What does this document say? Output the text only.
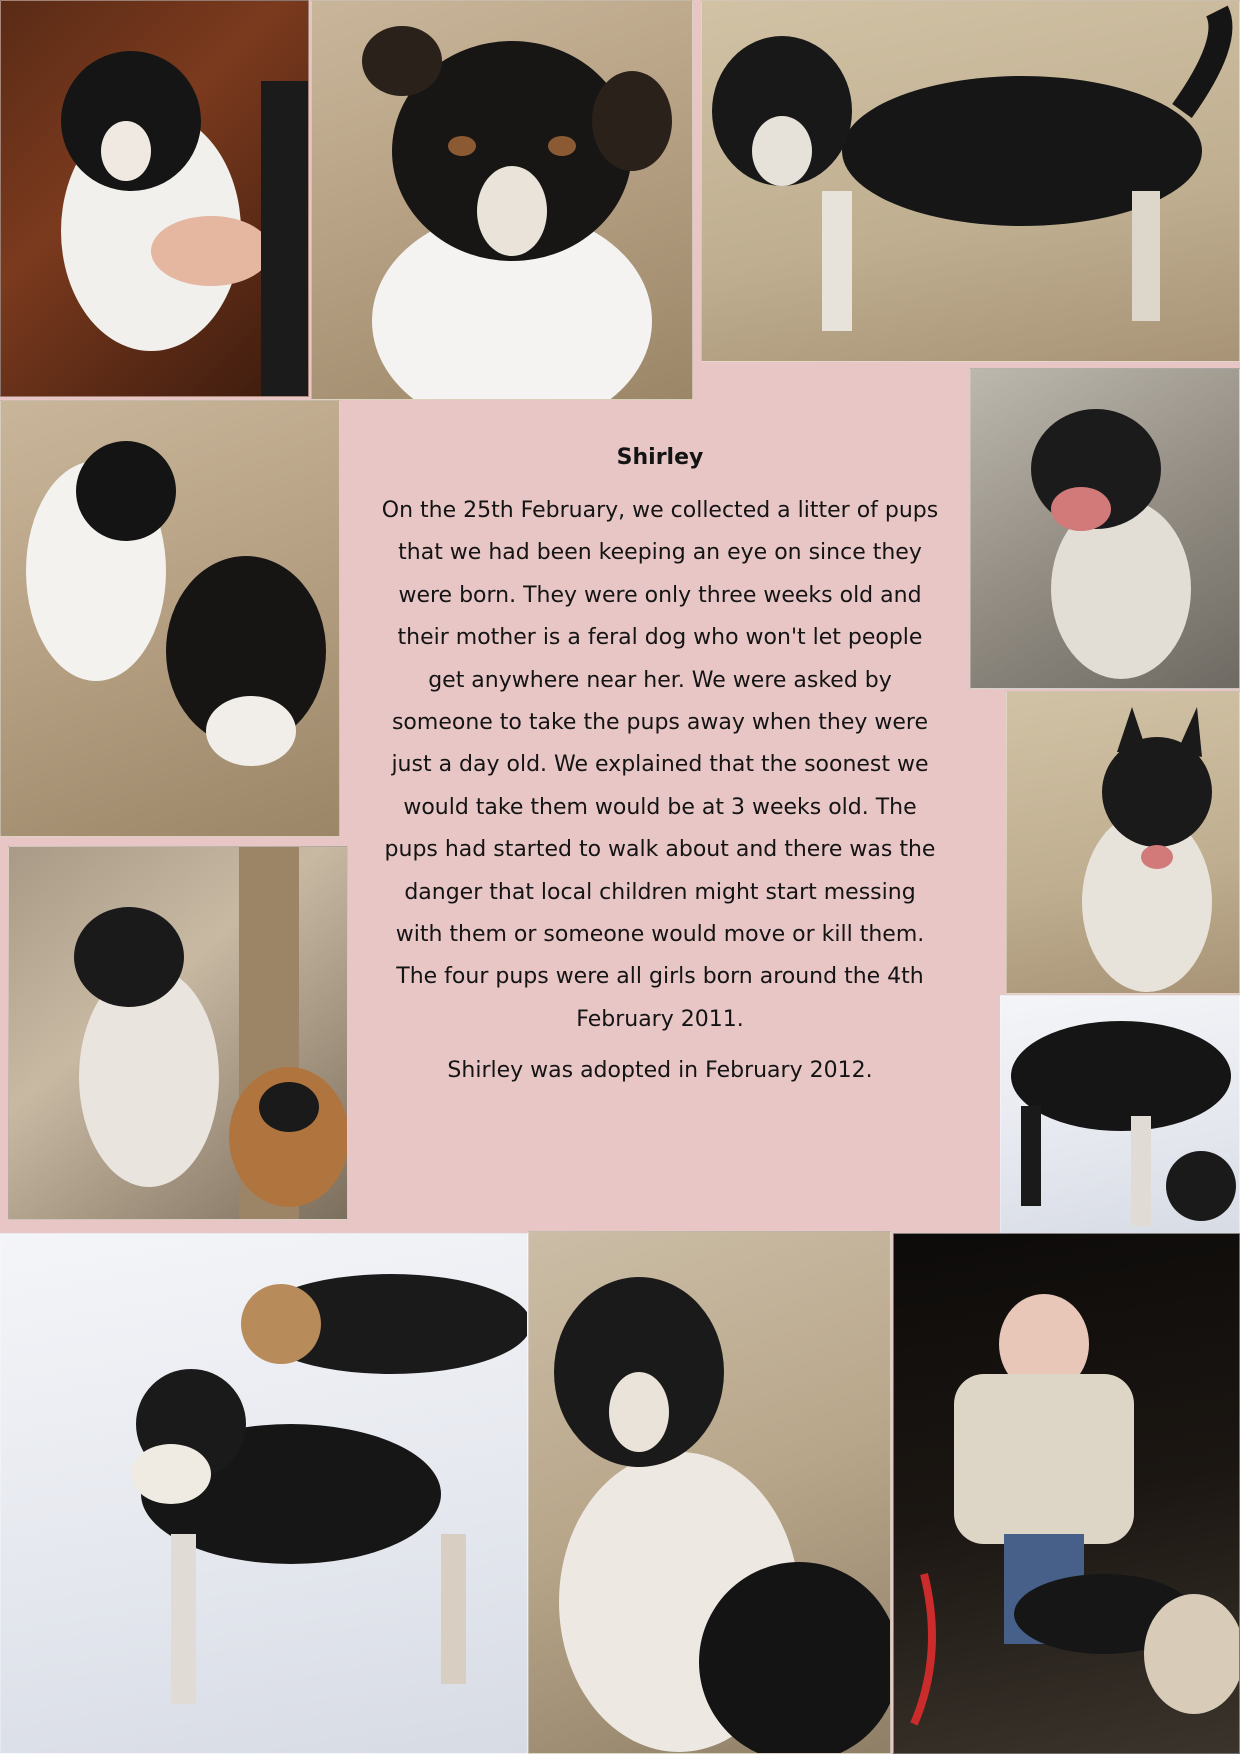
Shirley

On the 25th February, we collected a litter of pups that we had been keeping an eye on since they were born. They were only three weeks old and their mother is a feral dog who won't let people get anywhere near her. We were asked by someone to take the pups away when they were just a day old. We explained that the soonest we would take them would be at 3 weeks old. The pups had started to walk about and there was the danger that local children might start messing with them or someone would move or kill them. The four pups were all girls born around the 4th February 2011.

Shirley was adopted in February 2012.
